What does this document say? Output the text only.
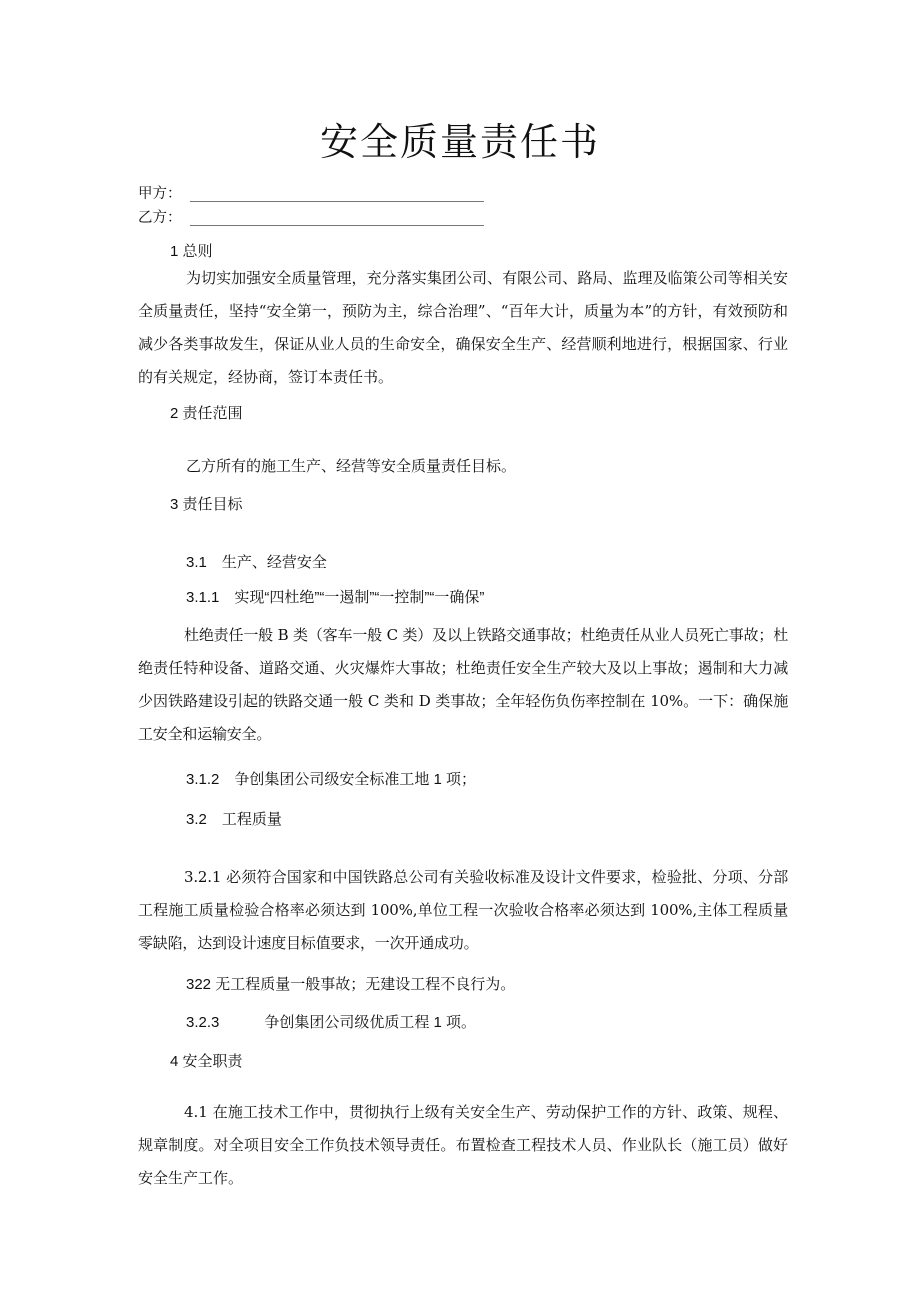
安全质量责任书
甲方：
乙方：
1 总则
为切实加强安全质量管理，充分落实集团公司、有限公司、路局、监理及临策公司等相关安全质量责任，坚持“安全第一，预防为主，综合治理”、“百年大计，质量为本”的方针，有效预防和减少各类事故发生，保证从业人员的生命安全，确保安全生产、经营顺利地进行，根据国家、行业的有关规定，经协商，签订本责任书。
2 责任范围
乙方所有的施工生产、经营等安全质量责任目标。
3 责任目标
3.1　生产、经营安全
3.1.1　实现“四杜绝”“一遏制”“一控制”“一确保”
杜绝责任一般 B 类（客车一般 C 类）及以上铁路交通事故；杜绝责任从业人员死亡事故；杜绝责任特种设备、道路交通、火灾爆炸大事故；杜绝责任安全生产较大及以上事故；遏制和大力减少因铁路建设引起的铁路交通一般 C 类和 D 类事故；全年轻伤负伤率控制在 10%。一下：确保施工安全和运输安全。
3.1.2　争创集团公司级安全标准工地 1 项；
3.2　工程质量
3.2.1 必须符合国家和中国铁路总公司有关验收标准及设计文件要求，检验批、分项、分部工程施工质量检验合格率必须达到 100%,单位工程一次验收合格率必须达到 100%,主体工程质量零缺陷，达到设计速度目标值要求，一次开通成功。
322 无工程质量一般事故；无建设工程不良行为。
3.2.3　　　争创集团公司级优质工程 1 项。
4 安全职责
4.1 在施工技术工作中，贯彻执行上级有关安全生产、劳动保护工作的方针、政策、规程、规章制度。对全项目安全工作负技术领导责任。布置检查工程技术人员、作业队长（施工员）做好安全生产工作。
